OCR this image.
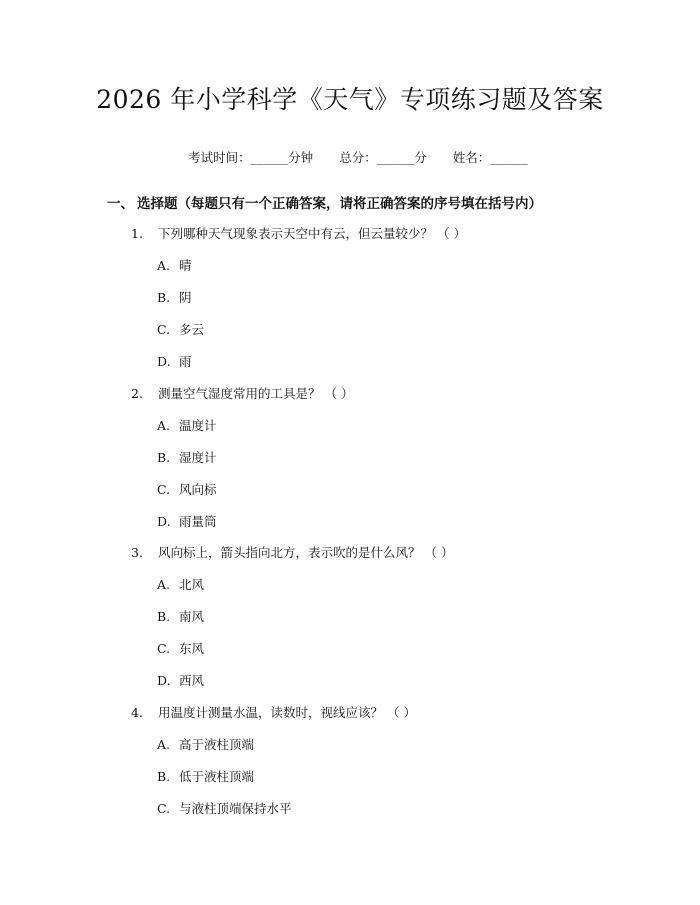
2026 年小学科学《天气》专项练习题及答案

考试时间：______分钟 总分：______分 姓名：______

一、 选择题（每题只有一个正确答案，请将正确答案的序号填在括号内）
1. 下列哪种天气现象表示天空中有云，但云量较少？ （ ）
A. 晴
B. 阴
C. 多云
D. 雨
2. 测量空气湿度常用的工具是？ （ ）
A. 温度计
B. 湿度计
C. 风向标
D. 雨量筒
3. 风向标上，箭头指向北方，表示吹的是什么风？ （ ）
A. 北风
B. 南风
C. 东风
D. 西风
4. 用温度计测量水温，读数时，视线应该？ （ ）
A. 高于液柱顶端
B. 低于液柱顶端
C. 与液柱顶端保持水平
